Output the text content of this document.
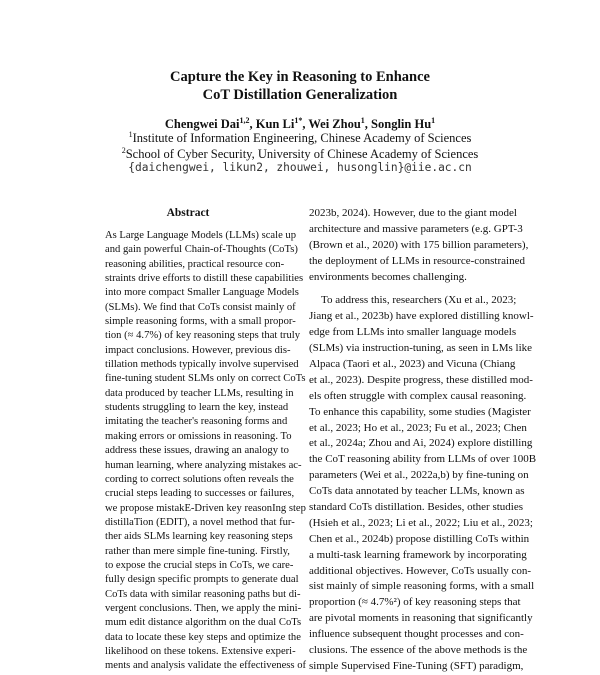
Capture the Key in Reasoning to Enhance
CoT Distillation Generalization
Chengwei Dai$^{1,2}$, Kun $Li^{1*}$, Wei Zhou$^1$, Songlin Hu$^1$
$^1$Institute of Information Engineering, Chinese Academy of Sciences
$^2$School of Cyber Security, University of Chinese Academy of Sciences
{daichengwei, likun2, zhouwei, husonglin}@iie.ac.cn
Abstract
As Large Language Models (LLMs) scale up
and gain powerful Chain-of-Thoughts (CoTs)
reasoning abilities, practical resource con-
straints drive efforts to distill these capabilities
into more compact Smaller Language Models
(SLMs). We find that CoTs consist mainly of
simple reasoning forms, with a small propor-
tion (≈ 4.7%) of key reasoning steps that truly
impact conclusions. However, previous dis-
tillation methods typically involve supervised
fine-tuning student SLMs only on correct CoTs
data produced by teacher LLMs, resulting in
students struggling to learn the key, instead
imitating the teacher's reasoning forms and
making errors or omissions in reasoning. To
address these issues, drawing an analogy to
human learning, where analyzing mistakes ac-
cording to correct solutions often reveals the
crucial steps leading to successes or failures,
we propose mistakE-Driven key reasonIng step
distillaTion (EDIT), a novel method that fur-
ther aids SLMs learning key reasoning steps
rather than mere simple fine-tuning. Firstly,
to expose the crucial steps in CoTs, we care-
fully design specific prompts to generate dual
CoTs data with similar reasoning paths but di-
vergent conclusions. Then, we apply the mini-
mum edit distance algorithm on the dual CoTs
data to locate these key steps and optimize the
likelihood on these tokens. Extensive experi-
ments and analysis validate the effectiveness of
2023b, 2024). However, due to the giant model
architecture and massive parameters (e.g. GPT-3
(Brown et al., 2020) with 175 billion parameters),
the deployment of LLMs in resource-constrained
environments becomes challenging.
To address this, researchers (Xu et al., 2023;
Jiang et al., 2023b) have explored distilling knowl-
edge from LLMs into smaller language models
(SLMs) via instruction-tuning, as seen in LMs like
Alpaca (Taori et al., 2023) and Vicuna (Chiang
et al., 2023). Despite progress, these distilled mod-
els often struggle with complex causal reasoning.
To enhance this capability, some studies (Magister
et al., 2023; Ho et al., 2023; Fu et al., 2023; Chen
et al., 2024a; Zhou and Ai, 2024) explore distilling
the CoT reasoning ability from LLMs of over 100B
parameters (Wei et al., 2022a,b) by fine-tuning on
CoTs data annotated by teacher LLMs, known as
standard CoTs distillation. Besides, other studies
(Hsieh et al., 2023; Li et al., 2022; Liu et al., 2023;
Chen et al., 2024b) propose distilling CoTs within
a multi-task learning framework by incorporating
additional objectives. However, CoTs usually con-
sist mainly of simple reasoning forms, with a small
proportion (≈ 4.7%²) of key reasoning steps that
are pivotal moments in reasoning that significantly
influence subsequent thought processes and con-
clusions. The essence of the above methods is the
simple Supervised Fine-Tuning (SFT) paradigm,
